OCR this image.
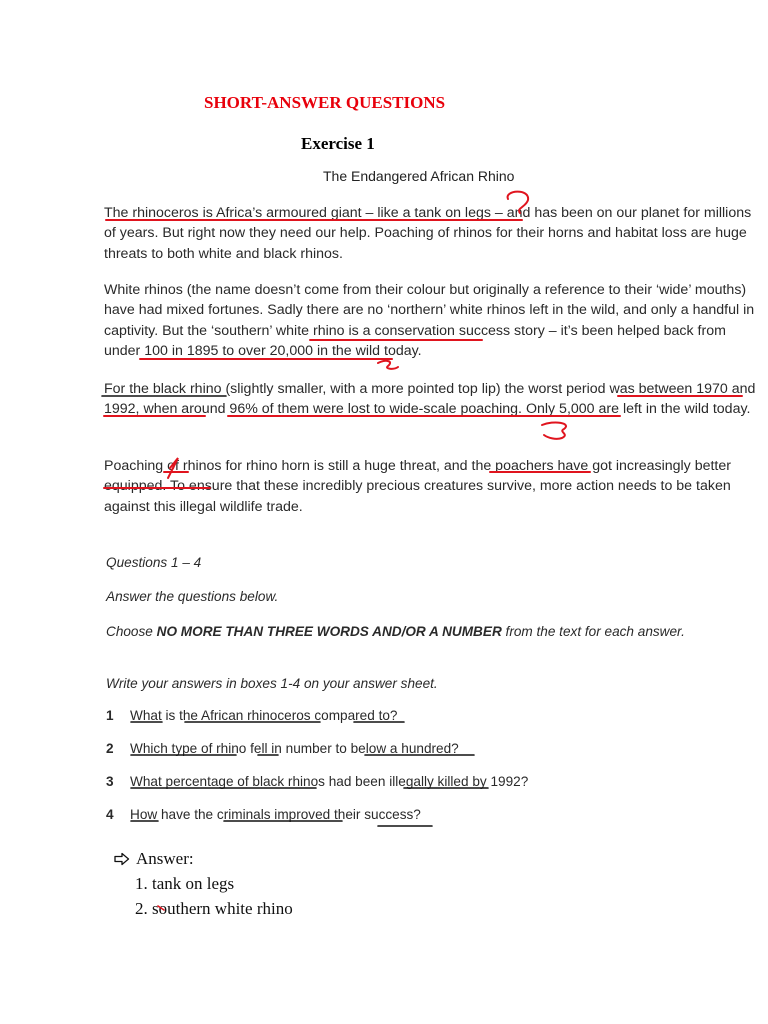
SHORT-ANSWER QUESTIONS
Exercise 1
The Endangered African Rhino
The rhinoceros is Africa’s armoured giant – like a tank on legs – and has been on our planet for millions of years. But right now they need our help. Poaching of rhinos for their horns and habitat loss are huge threats to both white and black rhinos.
White rhinos (the name doesn’t come from their colour but originally a reference to their ‘wide’ mouths) have had mixed fortunes. Sadly there are no ‘northern’ white rhinos left in the wild, and only a handful in captivity. But the ‘southern’ white rhino is a conservation success story – it’s been helped back from under 100 in 1895 to over 20,000 in the wild today.
For the black rhino (slightly smaller, with a more pointed top lip) the worst period was between 1970 and 1992, when around 96% of them were lost to wide-scale poaching. Only 5,000 are left in the wild today.
Poaching of rhinos for rhino horn is still a huge threat, and the poachers have got increasingly better equipped. To ensure that these incredibly precious creatures survive, more action needs to be taken against this illegal wildlife trade.
Questions 1 – 4
Answer the questions below.
Choose NO MORE THAN THREE WORDS AND/OR A NUMBER from the text for each answer.
Write your answers in boxes 1-4 on your answer sheet.
1 What is the African rhinoceros compared to?
2 Which type of rhino fell in number to below a hundred?
3 What percentage of black rhinos had been illegally killed by 1992?
4 How have the criminals improved their success?
Answer:
1. tank on legs
2. southern white rhino
